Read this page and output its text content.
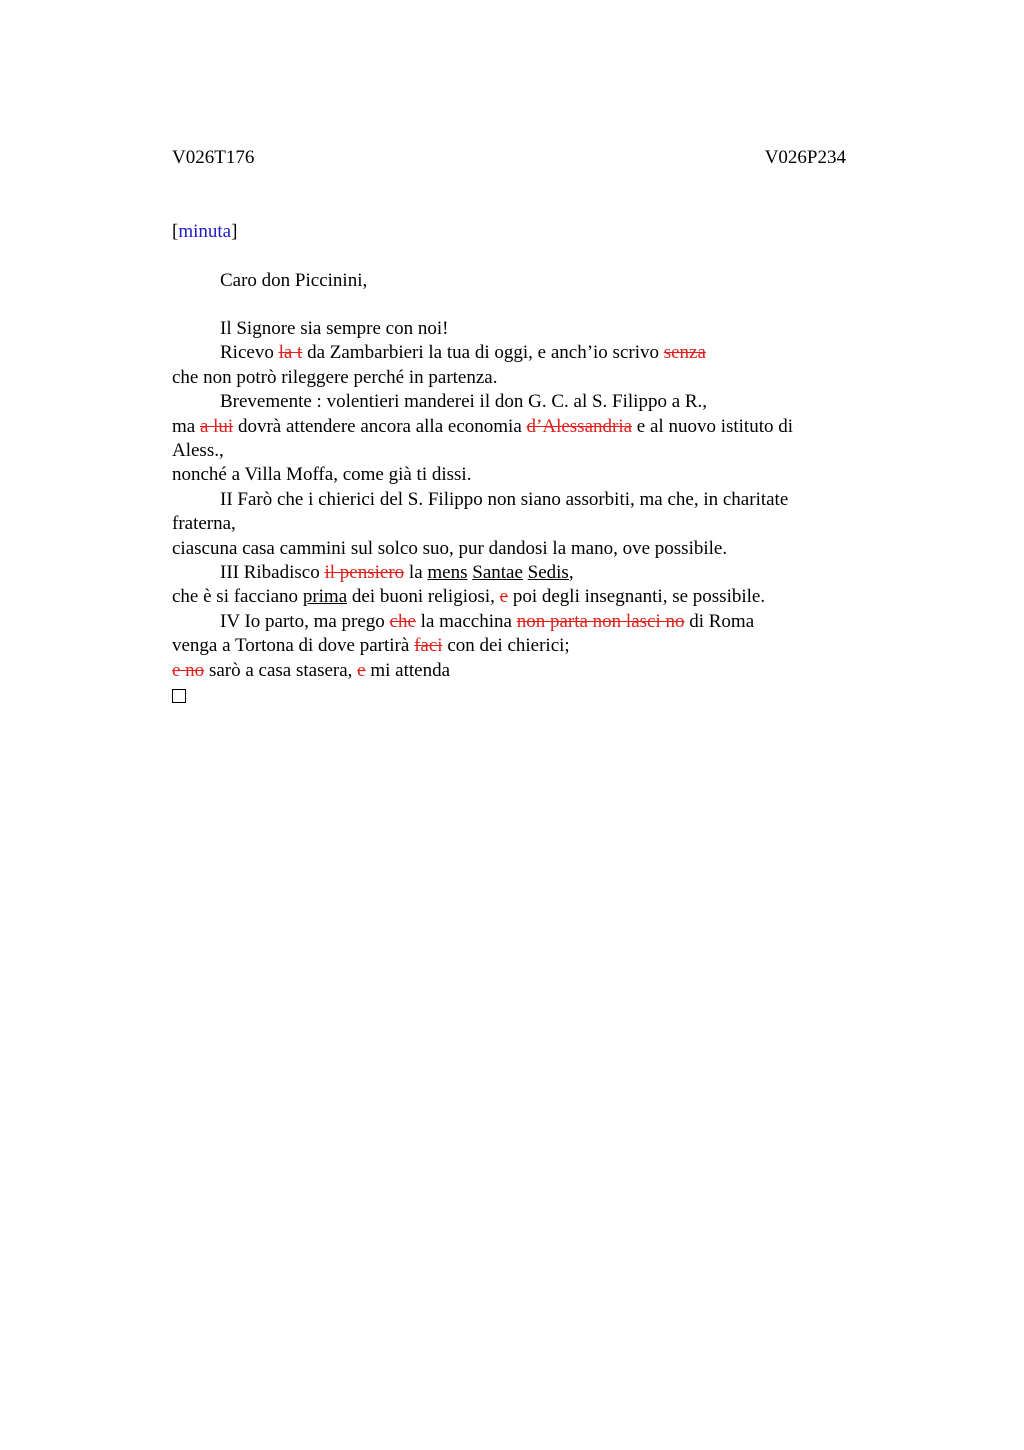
V026T176	V026P234
[minuta]
Caro don Piccinini,
Il Signore sia sempre con noi!
Ricevo la t da Zambarbieri la tua di oggi, e anch’io scrivo senza
che non potrò rileggere perché in partenza.
Brevemente : volentieri manderei il don G. C. al S. Filippo a R.,
ma a lui dovrà attendere ancora alla economia d’Alessandria e al nuovo istituto di
Aless.,
nonché a Villa Moffa, come già ti dissi.
II Farò che i chierici del S. Filippo non siano assorbiti, ma che, in charitate
fraterna,
ciascuna casa cammini sul solco suo, pur dandosi la mano, ove possibile.
III Ribadisco il pensiero la mens Santae Sedis,
che è si facciano prima dei buoni religiosi, e poi degli insegnanti, se possibile.
IV Io parto, ma prego che la macchina non parta non lasci no di Roma
venga a Tortona di dove partirà faci con dei chierici;
e no sarò a casa stasera, e mi attenda
